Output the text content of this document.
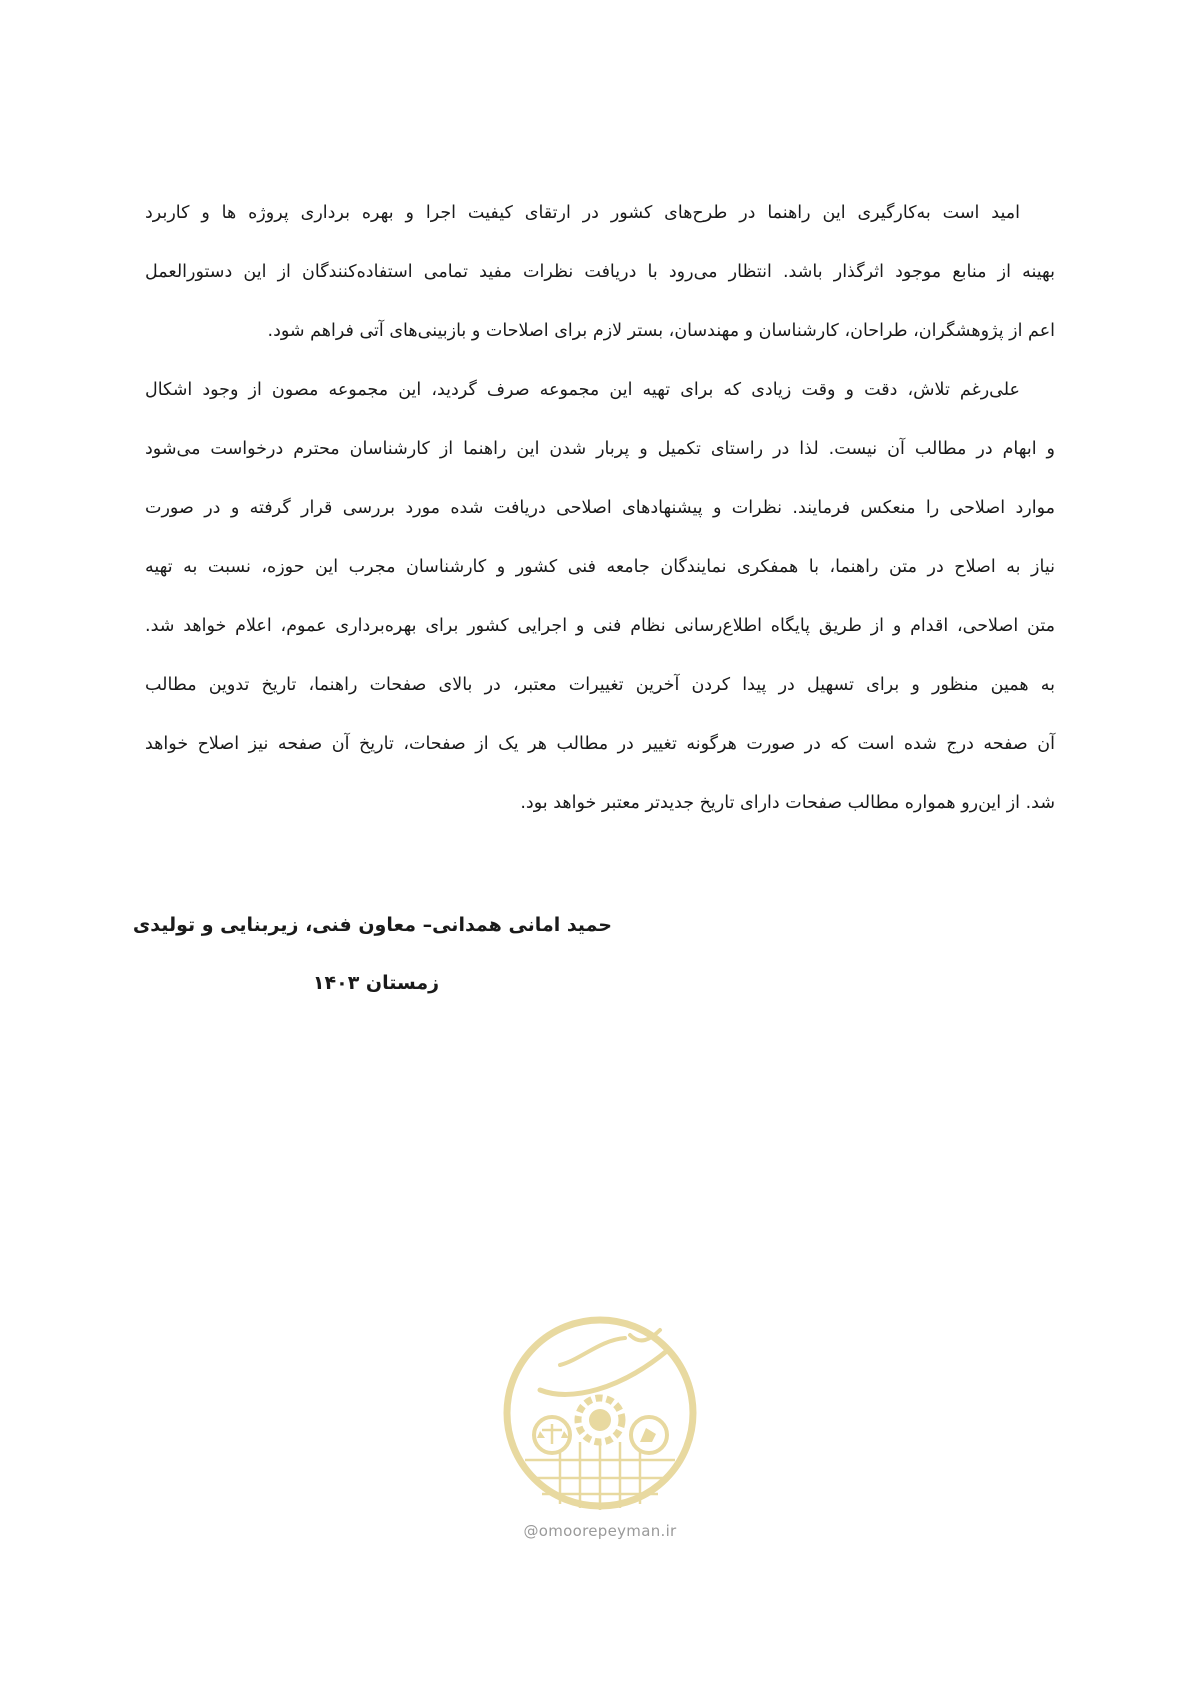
امید است به‌کارگیری این راهنما در طرح‌های کشور در ارتقای کیفیت اجرا و بهره برداری پروژه ها و کاربرد
بهینه از منابع موجود اثرگذار باشد. انتظار می‌رود با دریافت نظرات مفید تمامی استفاده‌کنندگان از این دستورالعمل
اعم از پژوهشگران، طراحان، کارشناسان و مهندسان، بستر لازم برای اصلاحات و بازبینی‌های آتی فراهم شود.
علی‌رغم تلاش، دقت و وقت زیادی که برای تهیه این مجموعه صرف گردید، این مجموعه مصون از وجود اشکال
و ابهام در مطالب آن نیست. لذا در راستای تکمیل و پربار شدن این راهنما از کارشناسان محترم درخواست می‌شود
موارد اصلاحی را منعکس فرمایند. نظرات و پیشنهادهای اصلاحی دریافت شده مورد بررسی قرار گرفته و در صورت
نیاز به اصلاح در متن راهنما، با همفکری نمایندگان جامعه فنی کشور و کارشناسان مجرب این حوزه، نسبت به تهیه
متن اصلاحی، اقدام و از طریق پایگاه اطلاع‌رسانی نظام فنی و اجرایی کشور برای بهره‌برداری عموم، اعلام خواهد شد.
به همین منظور و برای تسهیل در پیدا کردن آخرین تغییرات معتبر، در بالای صفحات راهنما، تاریخ تدوین مطالب
آن صفحه درج شده است که در صورت هرگونه تغییر در مطالب هر یک از صفحات، تاریخ آن صفحه نیز اصلاح خواهد
شد. از این‌رو همواره مطالب صفحات دارای تاریخ جدیدتر معتبر خواهد بود.
حمید امانی همدانی– معاون فنی، زیربنایی و تولیدی
زمستان ۱۴۰۳
@omoorepeyman.ir
